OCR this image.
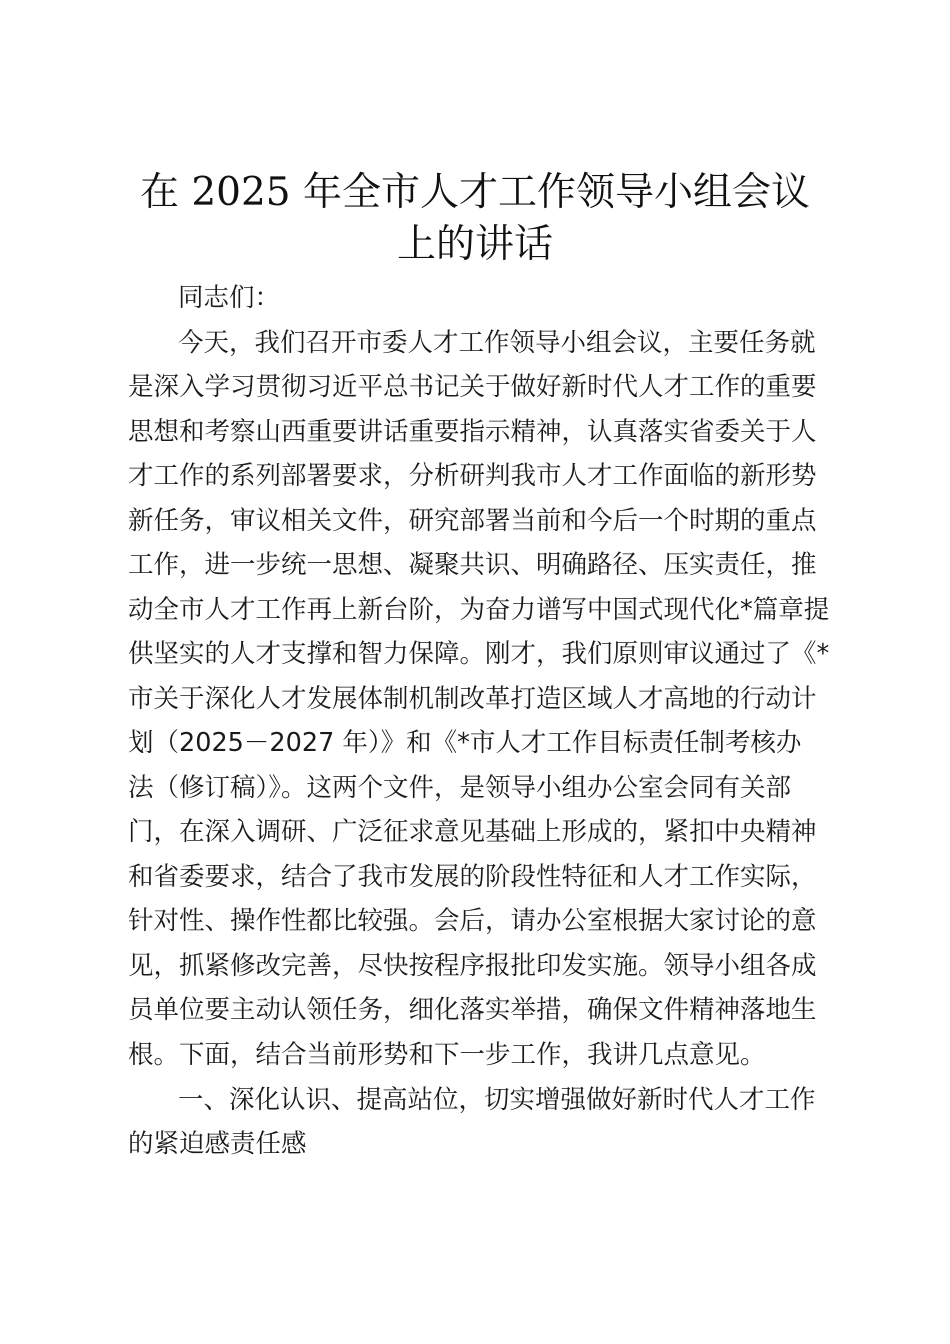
在 2025 年全市人才工作领导小组会议
上的讲话
同志们：
今天，我们召开市委人才工作领导小组会议，主要任务就
是深入学习贯彻习近平总书记关于做好新时代人才工作的重要
思想和考察山西重要讲话重要指示精神，认真落实省委关于人
才工作的系列部署要求，分析研判我市人才工作面临的新形势
新任务，审议相关文件，研究部署当前和今后一个时期的重点
工作，进一步统一思想、凝聚共识、明确路径、压实责任，推
动全市人才工作再上新台阶，为奋力谱写中国式现代化*篇章提
供坚实的人才支撑和智力保障。刚才，我们原则审议通过了《*
市关于深化人才发展体制机制改革打造区域人才高地的行动计
划（2025－2027 年）》和《*市人才工作目标责任制考核办
法（修订稿）》。这两个文件，是领导小组办公室会同有关部
门，在深入调研、广泛征求意见基础上形成的，紧扣中央精神
和省委要求，结合了我市发展的阶段性特征和人才工作实际，
针对性、操作性都比较强。会后，请办公室根据大家讨论的意
见，抓紧修改完善，尽快按程序报批印发实施。领导小组各成
员单位要主动认领任务，细化落实举措，确保文件精神落地生
根。下面，结合当前形势和下一步工作，我讲几点意见。
一、深化认识、提高站位，切实增强做好新时代人才工作
的紧迫感责任感
